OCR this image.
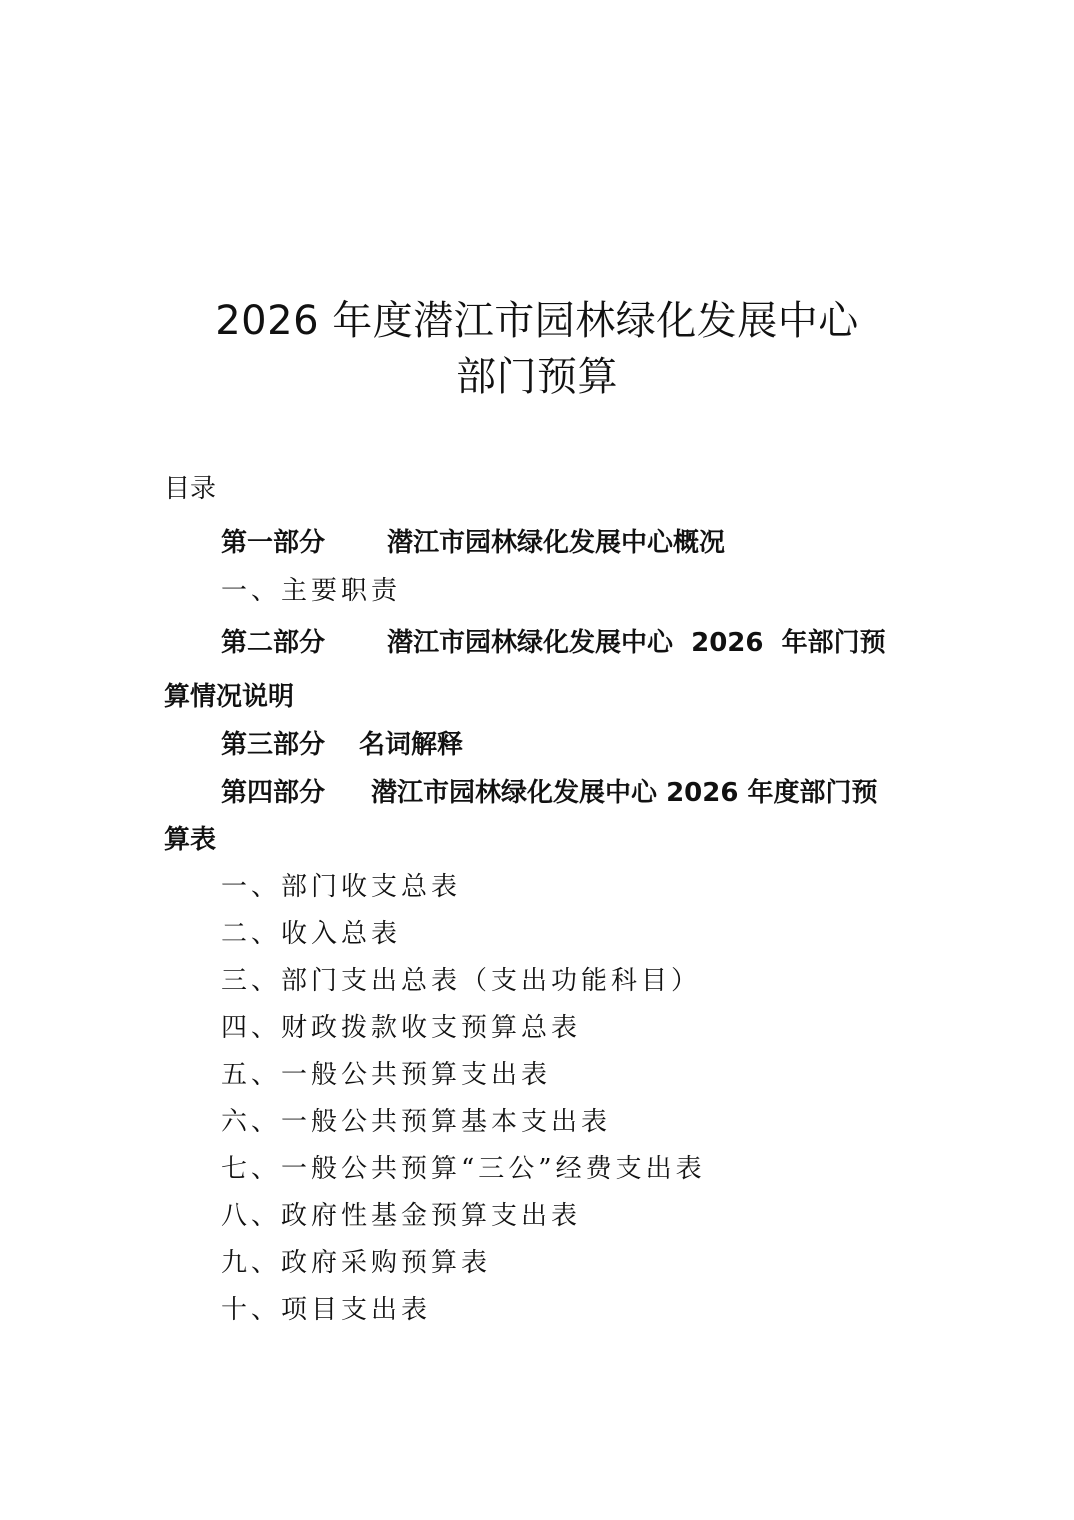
2026 年度潜江市园林绿化发展中心
部门预算
目录
第一部分 潜江市园林绿化发展中心概况
一、主要职责
第二部分 潜江市园林绿化发展中心  2026  年部门预
算情况说明
第三部分 名词解释
第四部分 潜江市园林绿化发展中心 2026 年度部门预
算表
一、部门收支总表
二、收入总表
三、部门支出总表（支出功能科目）
四、财政拨款收支预算总表
五、一般公共预算支出表
六、一般公共预算基本支出表
七、一般公共预算“三公”经费支出表
八、政府性基金预算支出表
九、政府采购预算表
十、项目支出表
